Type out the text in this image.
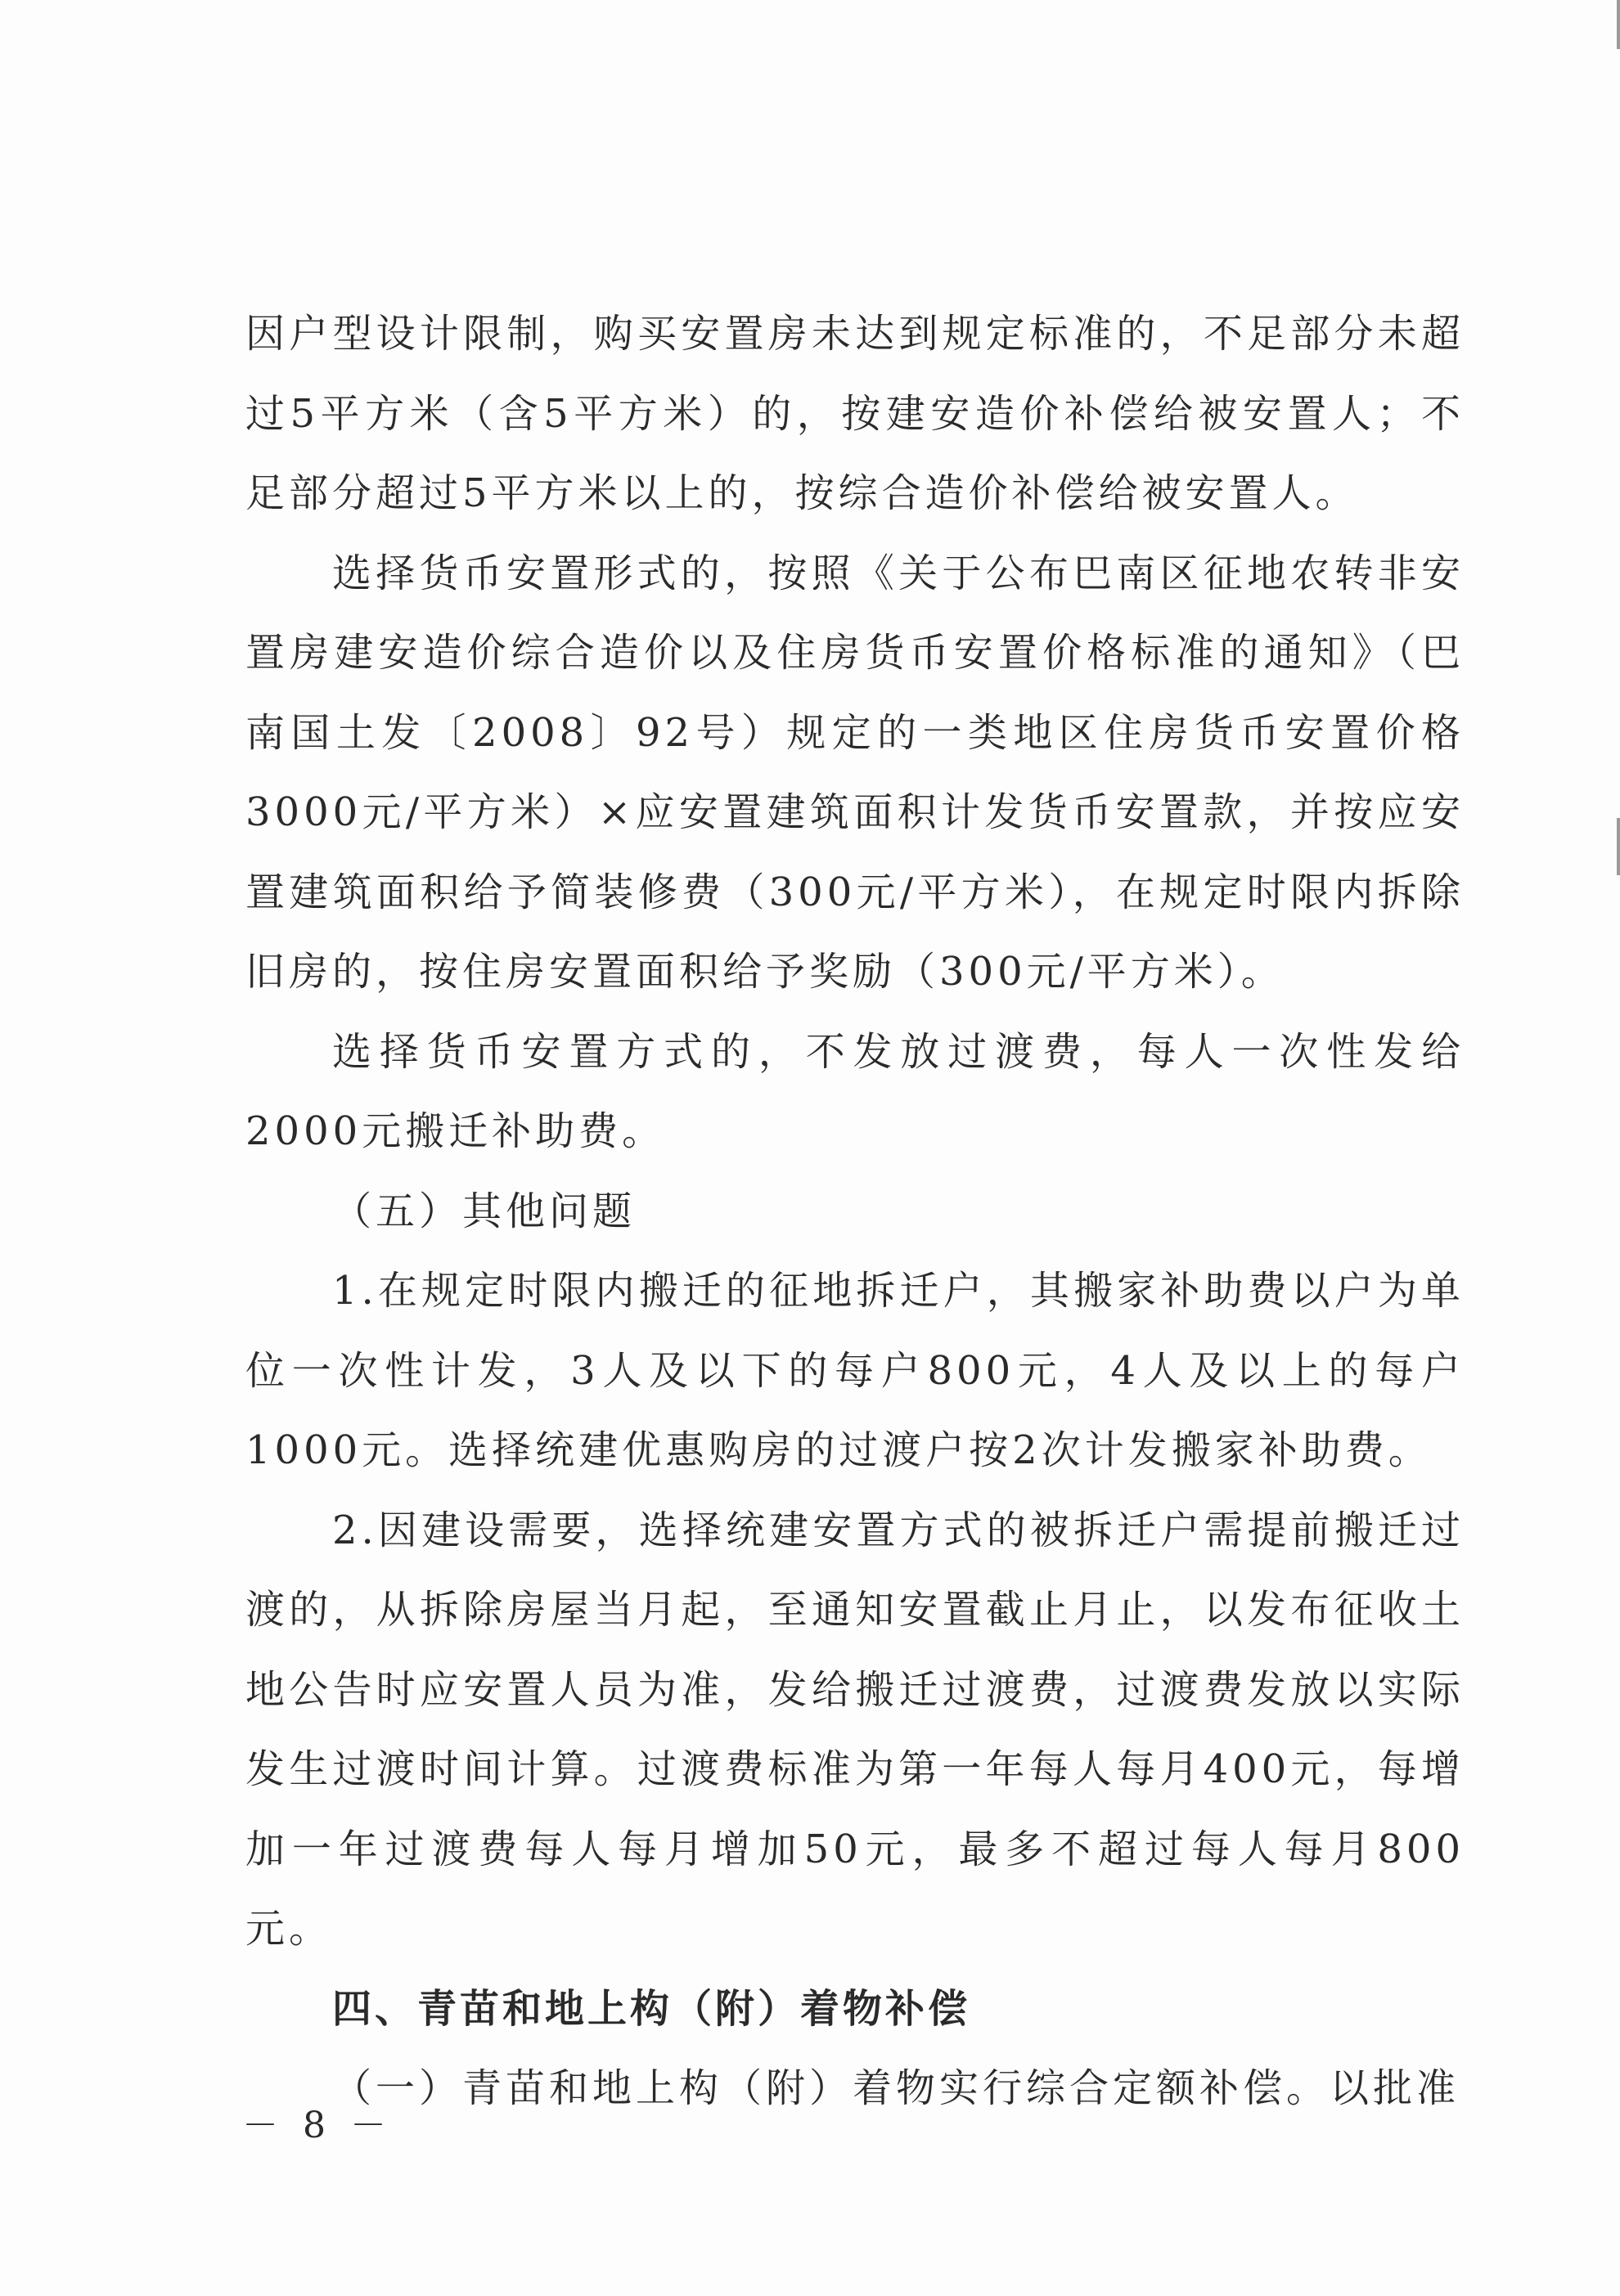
因户型设计限制，购买安置房未达到规定标准的，不足部分未超过5平方米（含5平方米）的，按建安造价补偿给被安置人；不足部分超过5平方米以上的，按综合造价补偿给被安置人。

选择货币安置形式的，按照《关于公布巴南区征地农转非安置房建安造价综合造价以及住房货币安置价格标准的通知》（巴南国土发〔2008〕92号）规定的一类地区住房货币安置价格3000元/平方米）×应安置建筑面积计发货币安置款，并按应安置建筑面积给予简装修费（300元/平方米），在规定时限内拆除旧房的，按住房安置面积给予奖励（300元/平方米）。

选择货币安置方式的，不发放过渡费，每人一次性发给2000元搬迁补助费。

（五）其他问题

1.在规定时限内搬迁的征地拆迁户，其搬家补助费以户为单位一次性计发，3人及以下的每户800元，4人及以上的每户1000元。选择统建优惠购房的过渡户按2次计发搬家补助费。

2.因建设需要，选择统建安置方式的被拆迁户需提前搬迁过渡的，从拆除房屋当月起，至通知安置截止月止，以发布征收土地公告时应安置人员为准，发给搬迁过渡费，过渡费发放以实际发生过渡时间计算。过渡费标准为第一年每人每月400元，每增加一年过渡费每人每月增加50元，最多不超过每人每月800元。

四、青苗和地上构（附）着物补偿

（一）青苗和地上构（附）着物实行综合定额补偿。以批准

－ 8 －
